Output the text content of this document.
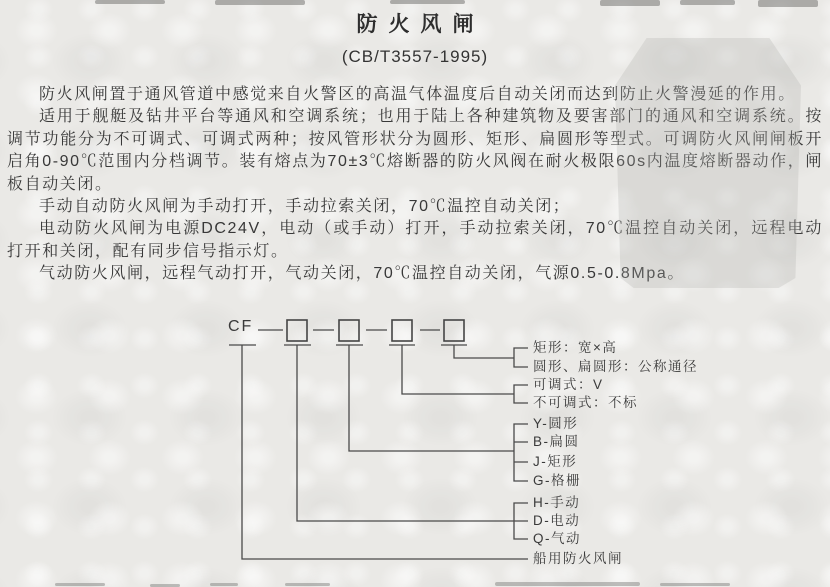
防火风闸
(CB/T3557-1995)

防火风闸置于通风管道中感觉来自火警区的高温气体温度后自动关闭而达到防止火警漫延的作用。

适用于舰艇及钻井平台等通风和空调系统；也用于陆上各种建筑物及要害部门的通风和空调系统。按调节功能分为不可调式、可调式两种；按风管形状分为圆形、矩形、扁圆形等型式。可调防火风闸闸板开启角0-90℃范围内分档调节。装有熔点为70±3℃熔断器的防火风阀在耐火极限60s内温度熔断器动作，闸板自动关闭。

手动自动防火风闸为手动打开，手动拉索关闭，70℃温控自动关闭；

电动防火风闸为电源DC24V，电动（或手动）打开，手动拉索关闭，70℃温控自动关闭，远程电动打开和关闭，配有同步信号指示灯。

气动防火风闸，远程气动打开，气动关闭，70℃温控自动关闭，气源0.5-0.8Mpa。

CF
矩形：宽×高
圆形、扁圆形：公称通径
可调式：V
不可调式：不标
Y-圆形
B-扁圆
J-矩形
G-格栅
H-手动
D-电动
Q-气动
船用防火风闸
